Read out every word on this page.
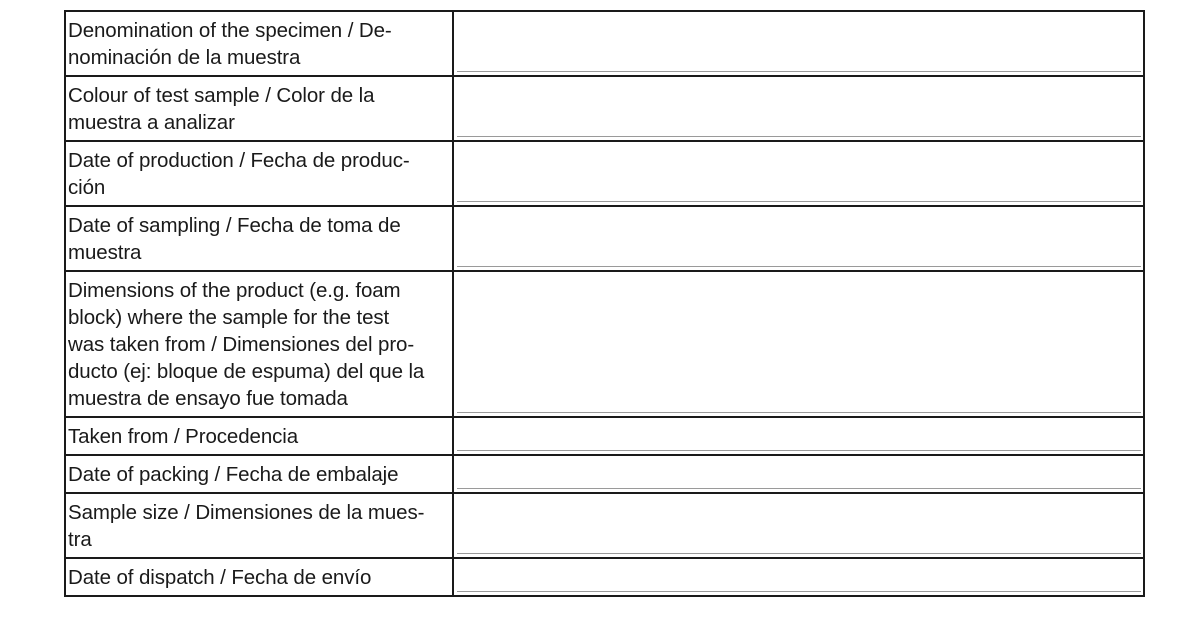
Denomination of the specimen / De-
nominación de la muestra
Colour of test sample / Color de la
muestra a analizar
Date of production / Fecha de produc-
ción
Date of sampling / Fecha de toma de
muestra
Dimensions of the product (e.g. foam
block) where the sample for the test
was taken from / Dimensiones del pro-
ducto (ej: bloque de espuma) del que la
muestra de ensayo fue tomada
Taken from / Procedencia
Date of packing / Fecha de embalaje
Sample size / Dimensiones de la mues-
tra
Date of dispatch / Fecha de envío
